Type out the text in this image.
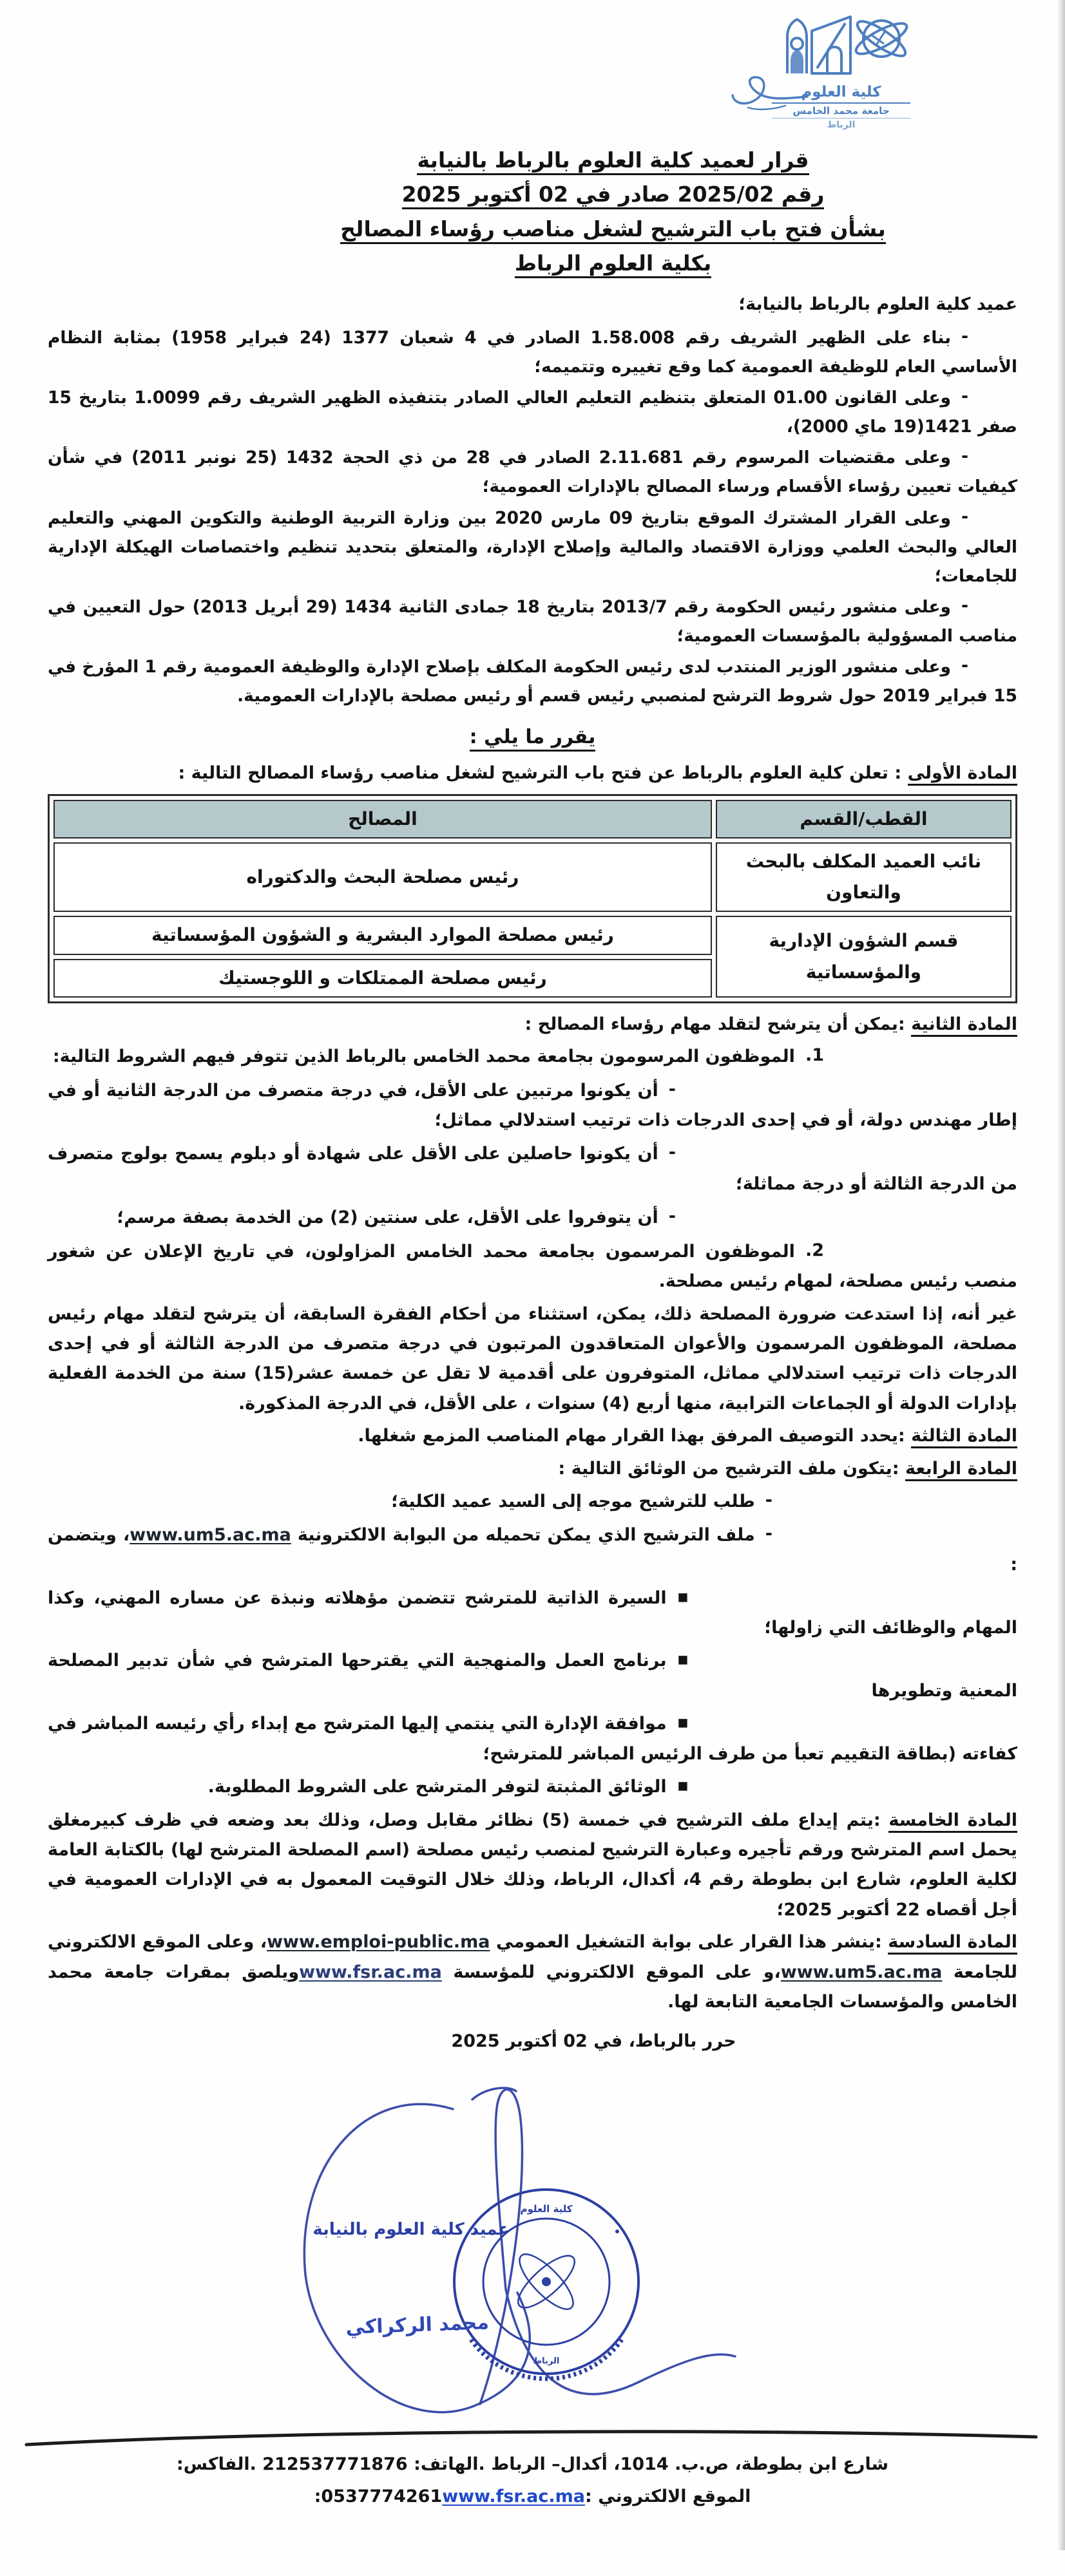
كلية العلوم
جامعة محمد الخامس
الرباط
قرار لعميد كلية العلوم بالرباط بالنيابة
رقم 2025/02 صادر في 02 أكتوبر 2025
بشأن فتح باب الترشيح لشغل مناصب رؤساء المصالح
بكلية العلوم الرباط

عميد كلية العلوم بالرباط بالنيابة؛

-بناء على الظهير الشريف رقم 1.58.008 الصادر في 4 شعبان 1377 (24 فبراير 1958) بمثابة النظام الأساسي العام للوظيفة العمومية كما وقع تغييره وتتميمه؛

-وعلى القانون 01.00 المتعلق بتنظيم التعليم العالي الصادر بتنفيذه الظهير الشريف رقم 1.0099 بتاريخ 15 صفر 1421(19 ماي 2000)،

-وعلى مقتضيات المرسوم رقم 2.11.681 الصادر في 28 من ذي الحجة 1432 (25 نونبر 2011) في شأن كيفيات تعيين رؤساء الأقسام ورساء المصالح بالإدارات العمومية؛

-وعلى القرار المشترك الموقع بتاريخ 09 مارس 2020 بين وزارة التربية الوطنية والتكوين المهني والتعليم العالي والبحث العلمي ووزارة الاقتصاد والمالية وإصلاح الإدارة، والمتعلق بتحديد تنظيم واختصاصات الهيكلة الإدارية للجامعات؛

-وعلى منشور رئيس الحكومة رقم 2013/7 بتاريخ 18 جمادى الثانية 1434 (29 أبريل 2013) حول التعيين في مناصب المسؤولية بالمؤسسات العمومية؛

-وعلى منشور الوزير المنتدب لدى رئيس الحكومة المكلف بإصلاح الإدارة والوظيفة العمومية رقم 1 المؤرخ في 15 فبراير 2019 حول شروط الترشح لمنصبي رئيس قسم أو رئيس مصلحة بالإدارات العمومية.

يقرر ما يلي :

المادة الأولى : تعلن كلية العلوم بالرباط عن فتح باب الترشيح لشغل مناصب رؤساء المصالح التالية :

القطب/القسم	المصالح
نائب العميد المكلف بالبحث والتعاون	رئيس مصلحة البحث والدكتوراه
قسم الشؤون الإدارية والمؤسساتية	رئيس مصلحة الموارد البشرية و الشؤون المؤسساتية
	رئيس مصلحة الممتلكات و اللوجستيك

المادة الثانية :يمكن أن يترشح لتقلد مهام رؤساء المصالح :

1.الموظفون المرسومون بجامعة محمد الخامس بالرباط الذين تتوفر فيهم الشروط التالية:

-أن يكونوا مرتبين على الأقل، في درجة متصرف من الدرجة الثانية أو في إطار مهندس دولة، أو في إحدى الدرجات ذات ترتيب استدلالي مماثل؛

-أن يكونوا حاصلين على الأقل على شهادة أو دبلوم يسمح بولوج متصرف من الدرجة الثالثة أو درجة مماثلة؛

-أن يتوفروا على الأقل، على سنتين (2) من الخدمة بصفة مرسم؛

2.الموظفون المرسمون بجامعة محمد الخامس المزاولون، في تاريخ الإعلان عن شغور منصب رئيس مصلحة، لمهام رئيس مصلحة.

غير أنه، إذا استدعت ضرورة المصلحة ذلك، يمكن، استثناء من أحكام الفقرة السابقة، أن يترشح لتقلد مهام رئيس مصلحة، الموظفون المرسمون والأعوان المتعاقدون المرتبون في درجة متصرف من الدرجة الثالثة أو في إحدى الدرجات ذات ترتيب استدلالي مماثل، المتوفرون على أقدمية لا تقل عن خمسة عشر(15) سنة من الخدمة الفعلية بإدارات الدولة أو الجماعات الترابية، منها أربع (4) سنوات ، على الأقل، في الدرجة المذكورة.

المادة الثالثة :يحدد التوصيف المرفق بهذا القرار مهام المناصب المزمع شغلها.

المادة الرابعة :يتكون ملف الترشيح من الوثائق التالية :

-طلب للترشيح موجه إلى السيد عميد الكلية؛

-ملف الترشيح الذي يمكن تحميله من البوابة الالكترونية www.um5.ac.ma، ويتضمن :

▪السيرة الذاتية للمترشح تتضمن مؤهلاته ونبذة عن مساره المهني، وكذا المهام والوظائف التي زاولها؛

▪برنامج العمل والمنهجية التي يقترحها المترشح في شأن تدبير المصلحة المعنية وتطويرها

▪موافقة الإدارة التي ينتمي إليها المترشح مع إبداء رأي رئيسه المباشر في كفاءته (بطاقة التقييم تعبأ من طرف الرئيس المباشر للمترشح؛

▪الوثائق المثبتة لتوفر المترشح على الشروط المطلوبة.

المادة الخامسة :يتم إيداع ملف الترشيح في خمسة (5) نظائر مقابل وصل، وذلك بعد وضعه في ظرف كبيرمغلق يحمل اسم المترشح ورقم تأجيره وعبارة الترشيح لمنصب رئيس مصلحة (اسم المصلحة المترشح لها) بالكتابة العامة لكلية العلوم، شارع ابن بطوطة رقم 4، أكدال، الرباط، وذلك خلال التوقيت المعمول به في الإدارات العمومية في أجل أقصاه 22 أكتوبر 2025؛

المادة السادسة :ينشر هذا القرار على بوابة التشغيل العمومي www.emploi-public.ma، وعلى الموقع الالكتروني للجامعة www.um5.ac.ma،و على الموقع الالكتروني للمؤسسة www.fsr.ac.maويلصق بمقرات جامعة محمد الخامس والمؤسسات الجامعية التابعة لها.

حرر بالرباط، في 02 أكتوبر 2025

كلية العلوم
الرباط
عميد كلية العلوم بالنيابة
محمد الركراكي
شارع ابن بطوطة، ص.ب. 1014، أكدال– الرباط .الهاتف: 212537771876 .الفاكس:
الموقع الالكتروني :www.fsr.ac.ma:0537774261
